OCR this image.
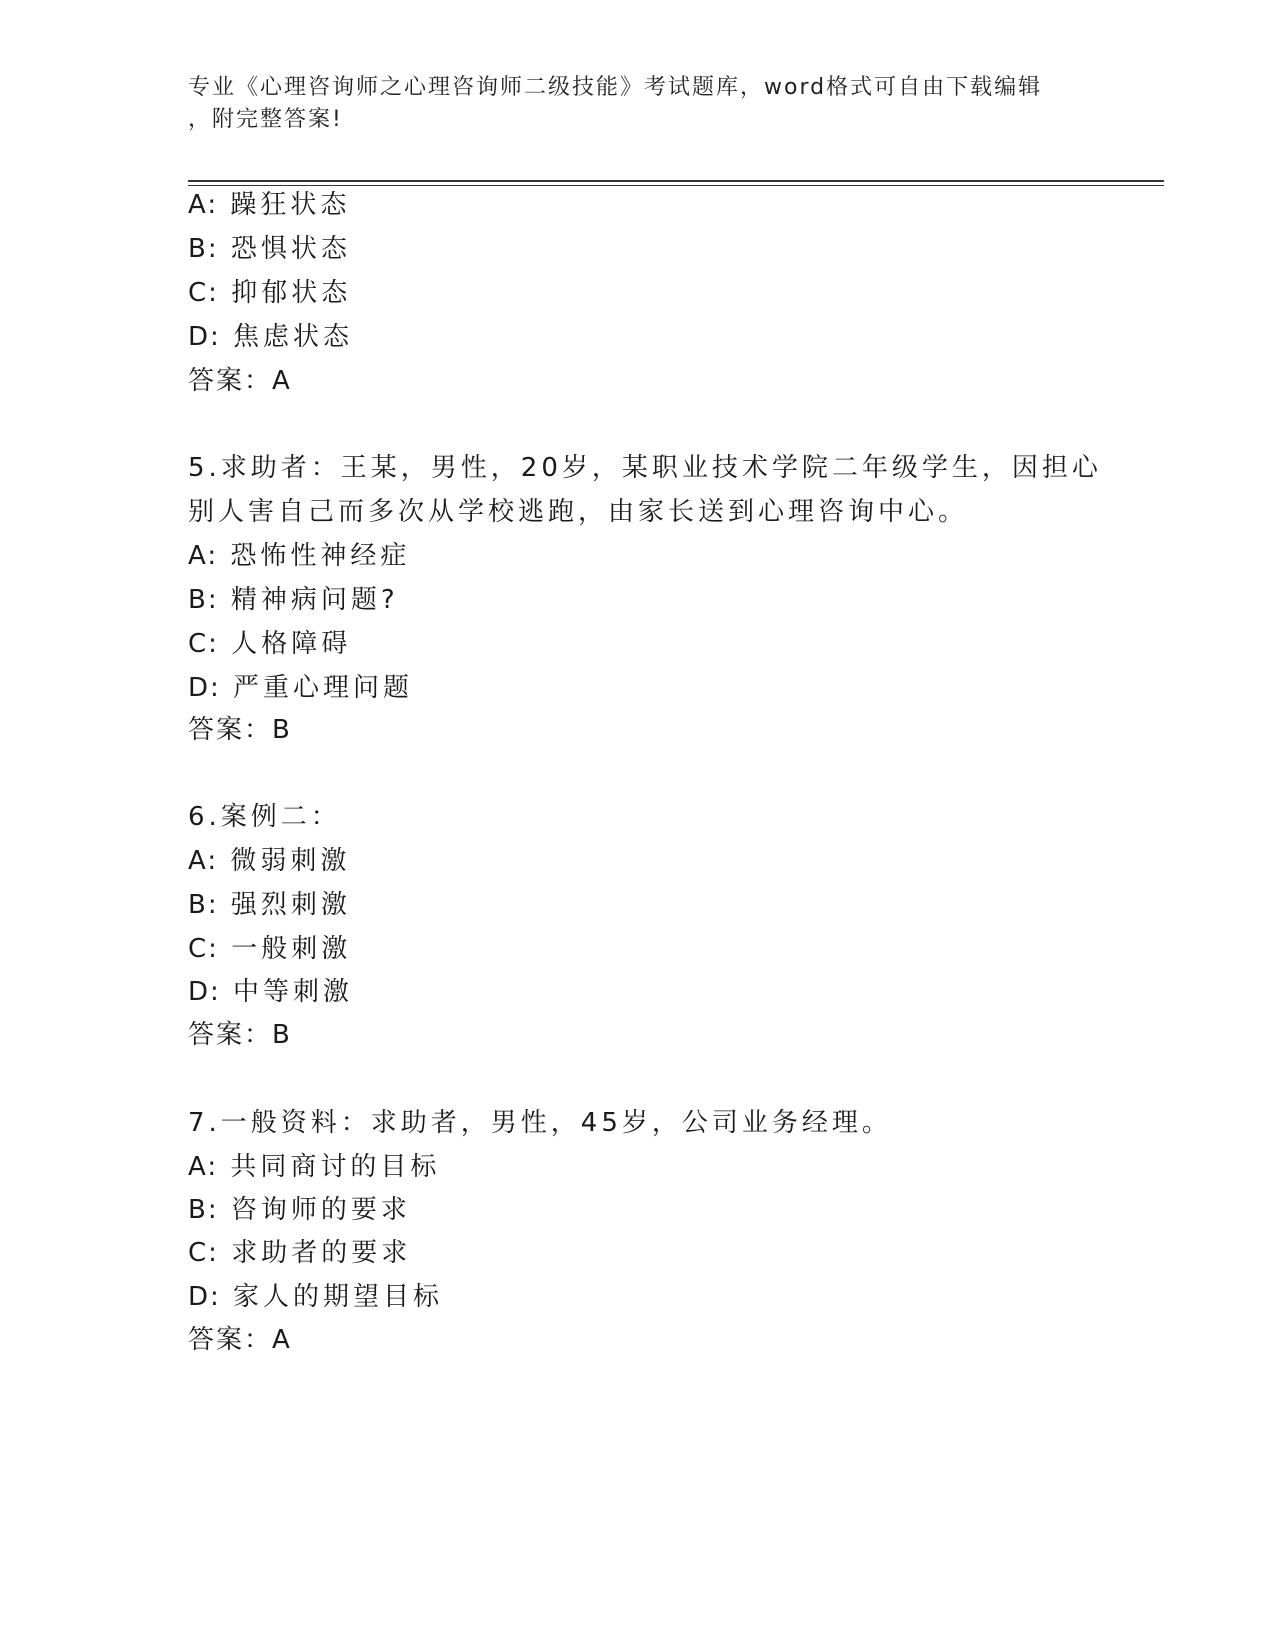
专业《心理咨询师之心理咨询师二级技能》考试题库，word格式可自由下载编辑
，附完整答案!
A: 躁狂状态
B: 恐惧状态
C: 抑郁状态
D: 焦虑状态
答案：A
5.求助者：王某，男性，20岁，某职业技术学院二年级学生，因担心
别人害自己而多次从学校逃跑，由家长送到心理咨询中心。
A: 恐怖性神经症
B: 精神病问题?
C: 人格障碍
D: 严重心理问题
答案：B
6.案例二：
A: 微弱刺激
B: 强烈刺激
C: 一般刺激
D: 中等刺激
答案：B
7.一般资料：求助者，男性，45岁，公司业务经理。
A: 共同商讨的目标
B: 咨询师的要求
C: 求助者的要求
D: 家人的期望目标
答案：A
